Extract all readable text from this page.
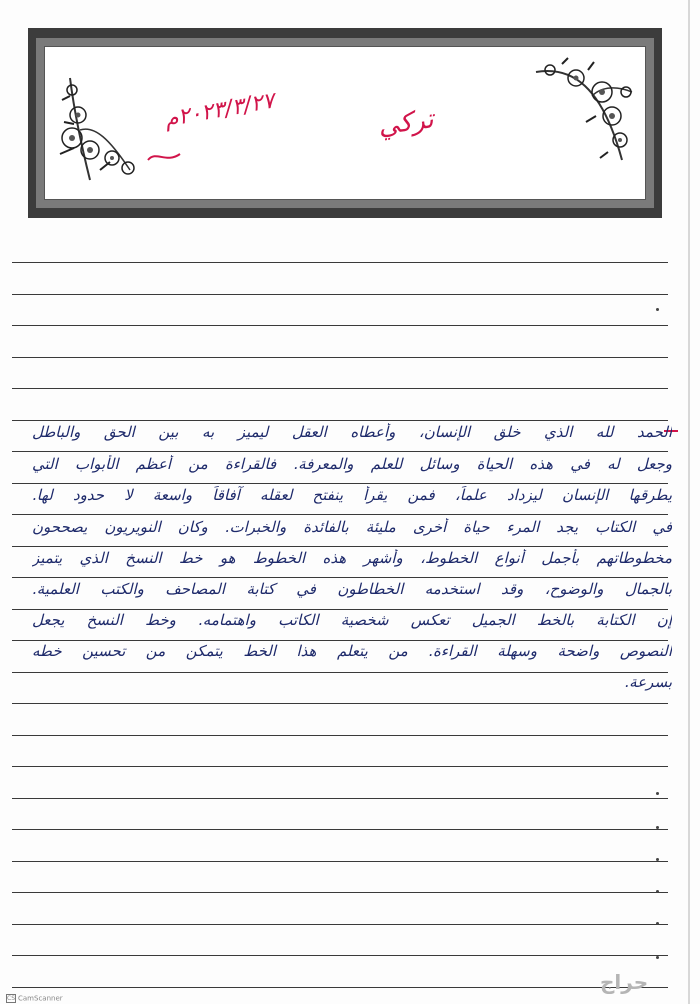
تركي
٢٠٢٣/٣/٢٧م
الحمد لله الذي خلق الإنسان، وأعطاه العقل ليميز به بين الحق والباطل
وجعل له في هذه الحياة وسائل للعلم والمعرفة. فالقراءة من أعظم الأبواب التي
يطرقها الإنسان ليزداد علماً، فمن يقرأ ينفتح لعقله آفاقاً واسعة لا حدود لها.
في الكتاب يجد المرء حياة أخرى مليئة بالفائدة والخبرات. وكان النويريون يصححون
مخطوطاتهم بأجمل أنواع الخطوط، وأشهر هذه الخطوط هو خط النسخ الذي يتميز
بالجمال والوضوح، وقد استخدمه الخطاطون في كتابة المصاحف والكتب العلمية.
إن الكتابة بالخط الجميل تعكس شخصية الكاتب واهتمامه. وخط النسخ يجعل
النصوص واضحة وسهلة القراءة. من يتعلم هذا الخط يتمكن من تحسين خطه
بسرعة.
حراج
CS CamScanner
